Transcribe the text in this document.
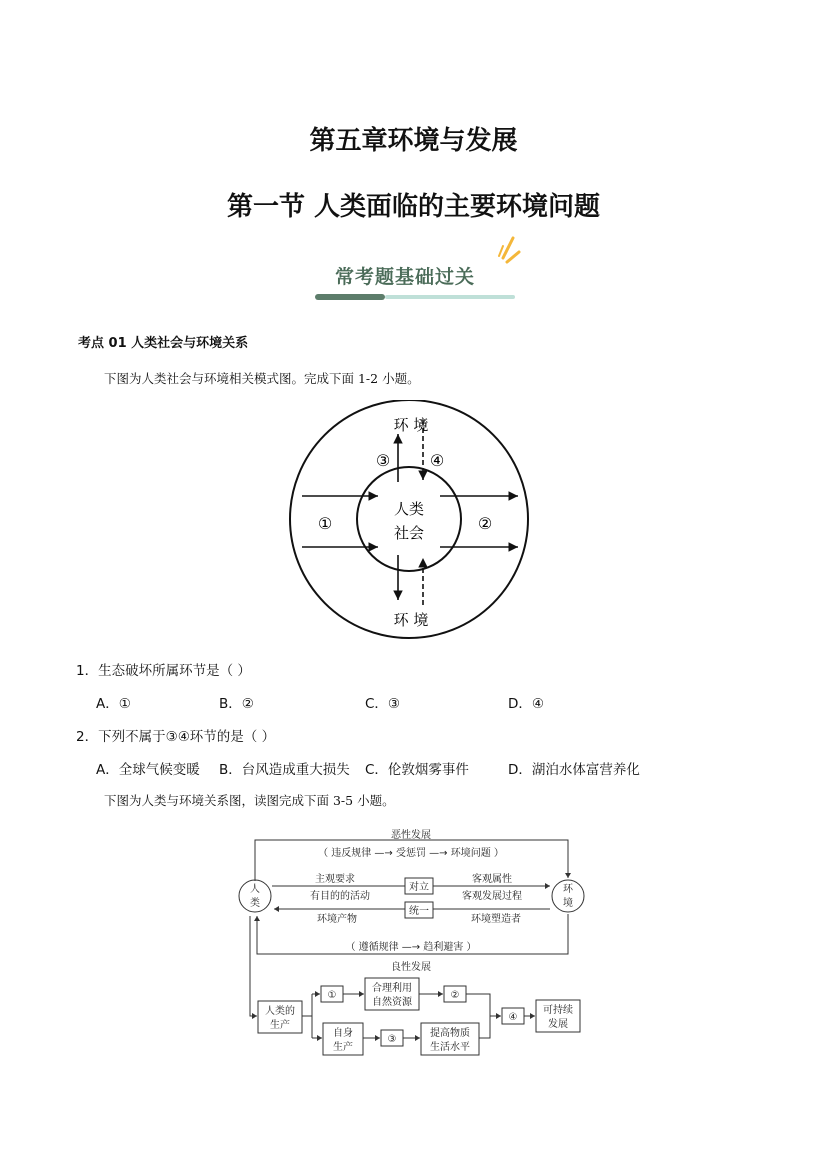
第五章环境与发展
第一节 人类面临的主要环境问题
常考题基础过关
考点 01 人类社会与环境关系
下图为人类社会与环境相关模式图。完成下面 1-2 小题。
环 境
环 境
人类
社会
①	②
③ ④
1．生态破坏所属环节是（ ）
A．①	B．②	C．③	D．④
2．下列不属于③④环节的是（ ）
A．全球气候变暖 B．台风造成重大损失 C．伦敦烟雾事件	D．湖泊水体富营养化
下图为人类与环境关系图，读图完成下面 3-5 小题。
恶性发展
（ 违反规律 —→ 受惩罚 —→ 环境问题 ）
人
类
环
境
主观要求
有目的的活动
对立
客观属性
客观发展过程
统一
环境产物	环境塑造者
（ 遵循规律 —→ 趋利避害 ）
良性发展
人类的
生产
①
合理利用
自然资源
②
自身
生产
③
提高物质
生活水平
④
可持续
发展
